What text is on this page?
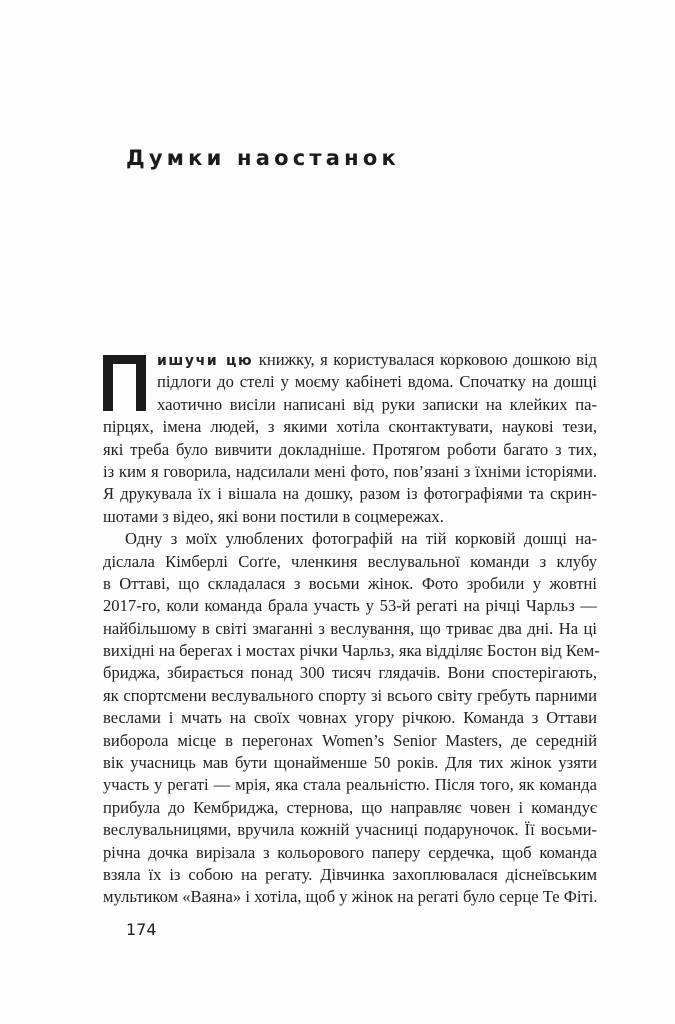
Думки наостанок
ишучи цю книжку, я користувалася корковою дошкою від
підлоги до стелі у моєму кабінеті вдома. Спочатку на дошці
хаотично висіли написані від руки записки на клейких па-
пірцях, імена людей, з якими хотіла сконтактувати, наукові тези,
які треба було вивчити докладніше. Протягом роботи багато з тих,
із ким я говорила, надсилали мені фото, пов’язані з їхніми історіями.
Я друкувала їх і вішала на дошку, разом із фотографіями та скрин-
шотами з відео, які вони постили в соцмережах.
Одну з моїх улюблених фотографій на тій корковій дошці на-
діслала Кімберлі Соґґе, членкиня веслувальної команди з клубу
в Оттаві, що складалася з восьми жінок. Фото зробили у жовтні
2017-го, коли команда брала участь у 53-й регаті на річці Чарльз —
найбільшому в світі змаганні з веслування, що триває два дні. На ці
вихідні на берегах і мостах річки Чарльз, яка відділяє Бостон від Кем-
бриджа, збирається понад 300 тисяч глядачів. Вони спостерігають,
як спортсмени веслувального спорту зі всього світу гребуть парними
веслами і мчать на своїх човнах угору річкою. Команда з Оттави
виборола місце в перегонах Women’s Senior Masters, де середній
вік учасниць мав бути щонайменше 50 років. Для тих жінок узяти
участь у регаті — мрія, яка стала реальністю. Після того, як команда
прибула до Кембриджа, стернова, що направляє човен і командує
веслувальницями, вручила кожній учасниці подаруночок. Її восьми-
річна дочка вирізала з кольорового паперу сердечка, щоб команда
взяла їх із собою на регату. Дівчинка захоплювалася діснеївським
мультиком «Ваяна» і хотіла, щоб у жінок на регаті було серце Те Фіті.
174
